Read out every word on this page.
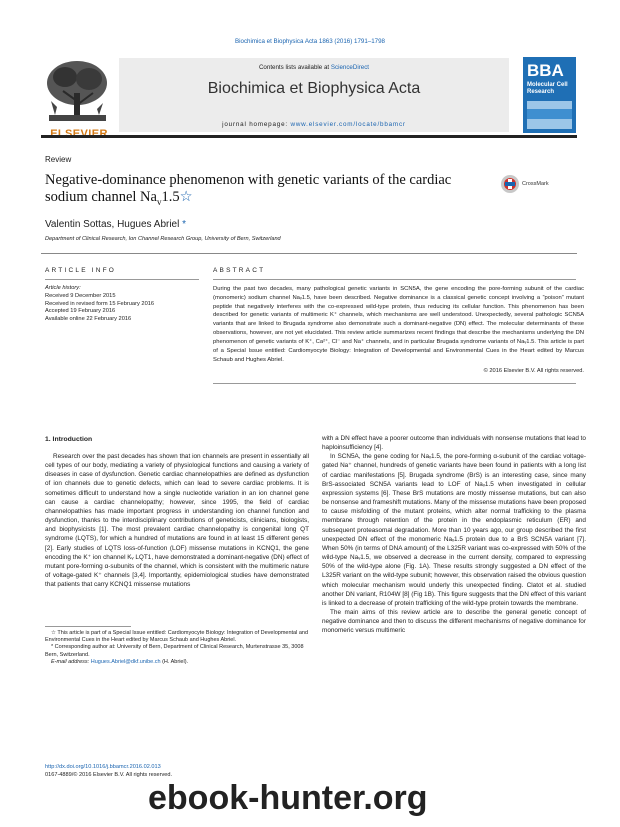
Biochimica et Biophysica Acta 1863 (2016) 1791–1798
ELSEVIER
Contents lists available at ScienceDirect
Biochimica et Biophysica Acta
journal homepage: www.elsevier.com/locate/bbamcr
BBA
Molecular Cell
Research
Review
Negative-dominance phenomenon with genetic variants of the cardiac
sodium channel $Na_v1.5☆$
CrossMark
Valentin Sottas, Hugues Abriel *
Department of Clinical Research, Ion Channel Research Group, University of Bern, Switzerland
ARTICLE INFO	ABSTRACT
Article history:
Received 9 December 2015
Received in revised form 15 February 2016
Accepted 19 February 2016
Available online 22 February 2016
During the past two decades, many pathological genetic variants in SCN5A, the gene encoding the pore-forming subunit of the cardiac (monomeric) sodium channel Naᵥ1.5, have been described. Negative dominance is a classical genetic concept involving a “poison” mutant peptide that negatively interferes with the co-expressed wild-type protein, thus reducing its cellular function. This phenomenon has been described for genetic variants of multimeric K⁺ channels, which mechanisms are well understood. Unexpectedly, several pathologic SCN5A variants that are linked to Brugada syndrome also demonstrate such a dominant-negative (DN) effect. The molecular determinants of these observations, however, are not yet elucidated. This review article summarizes recent findings that describe the mechanisms underlying the DN phenomenon of genetic variants of K⁺, Ca²⁺, Cl⁻ and Na⁺ channels, and in particular Brugada syndrome variants of Naᵥ1.5. This article is part of a Special Issue entitled: Cardiomyocyte Biology: Integration of Developmental and Environmental Cues in the Heart edited by Marcus Schaub and Hughes Abriel.
© 2016 Elsevier B.V. All rights reserved.
1. Introduction

Research over the past decades has shown that ion channels are present in essentially all cell types of our body, mediating a variety of physiological functions and causing a variety of diseases in case of dysfunction. Genetic cardiac channelopathies are defined as dysfunction of ion channels due to genetic defects, which can lead to severe cardiac problems. It is sometimes difficult to understand how a single nucleotide variation in an ion channel gene can cause a cardiac channelopathy; however, since 1995, the field of cardiac channelopathies has made important progress in understanding ion channel function and dysfunction, thanks to the interdisciplinary contributions of geneticists, clinicians, biologists, and biophysicists [1]. The most prevalent cardiac channelopathy is congenital long QT syndrome (LQTS), for which a hundred of mutations are found in at least 15 different genes [2]. Early studies of LQTS loss-of-function (LOF) missense mutations in KCNQ1, the gene encoding the K⁺ ion channel Kᵥ LQT1, have demonstrated a dominant-negative (DN) effect of mutant pore-forming α-subunits of the channel, which is consistent with the multimeric nature of voltage-gated K⁺ channels [3,4]. Importantly, epidemiological studies have demonstrated that patients that carry KCNQ1 missense mutations

with a DN effect have a poorer outcome than individuals with nonsense mutations that lead to haploinsufficiency [4].

In SCN5A, the gene coding for Naᵥ1.5, the pore-forming α-subunit of the cardiac voltage-gated Na⁺ channel, hundreds of genetic variants have been found in patients with a long list of cardiac manifestations [5]. Brugada syndrome (BrS) is an interesting case, since many BrS-associated SCN5A variants lead to LOF of Naᵥ1.5 when investigated in cellular expression systems [6]. These BrS mutations are mostly missense mutations, but can also be nonsense and frameshift mutations. Many of the missense mutations have been proposed to cause misfolding of the mutant proteins, which alter normal trafficking to the plasma membrane through retention of the protein in the endoplasmic reticulum (ER) and subsequent proteasomal degradation. More than 10 years ago, our group described the first unexpected DN effect of the monomeric Naᵥ1.5 protein due to a BrS SCN5A variant [7]. When 50% (in terms of DNA amount) of the L325R variant was co-expressed with 50% of the wild-type Naᵥ1.5, we observed a decrease in the current density, compared to expressing 50% of the wild-type alone (Fig. 1A). These results strongly suggested a DN effect of the L325R variant on the wild-type subunit; however, this observation raised the obvious question which molecular mechanism would underly this unexpected finding. Clatot et al. studied another DN variant, R104W [8] (Fig 1B). This figure suggests that the DN effect of this variant is linked to a decrease of protein trafficking of the wild-type protein towards the membrane.

The main aims of this review article are to describe the general genetic concept of negative dominance and then to discuss the different mechanisms of negative dominance for monomeric versus multimeric

☆ This article is part of a Special Issue entitled: Cardiomyocyte Biology: Integration of Developmental and Environmental Cues in the Heart edited by Marcus Schaub and Hughes Abriel.

* Corresponding author at: University of Bern, Department of Clinical Research, Murtenstrasse 35, 3008 Bern, Switzerland.

E-mail address: Hugues.Abriel@dkf.unibe.ch (H. Abriel).

http://dx.doi.org/10.1016/j.bbamcr.2016.02.013
0167-4889/© 2016 Elsevier B.V. All rights reserved.
ebook-hunter.org
